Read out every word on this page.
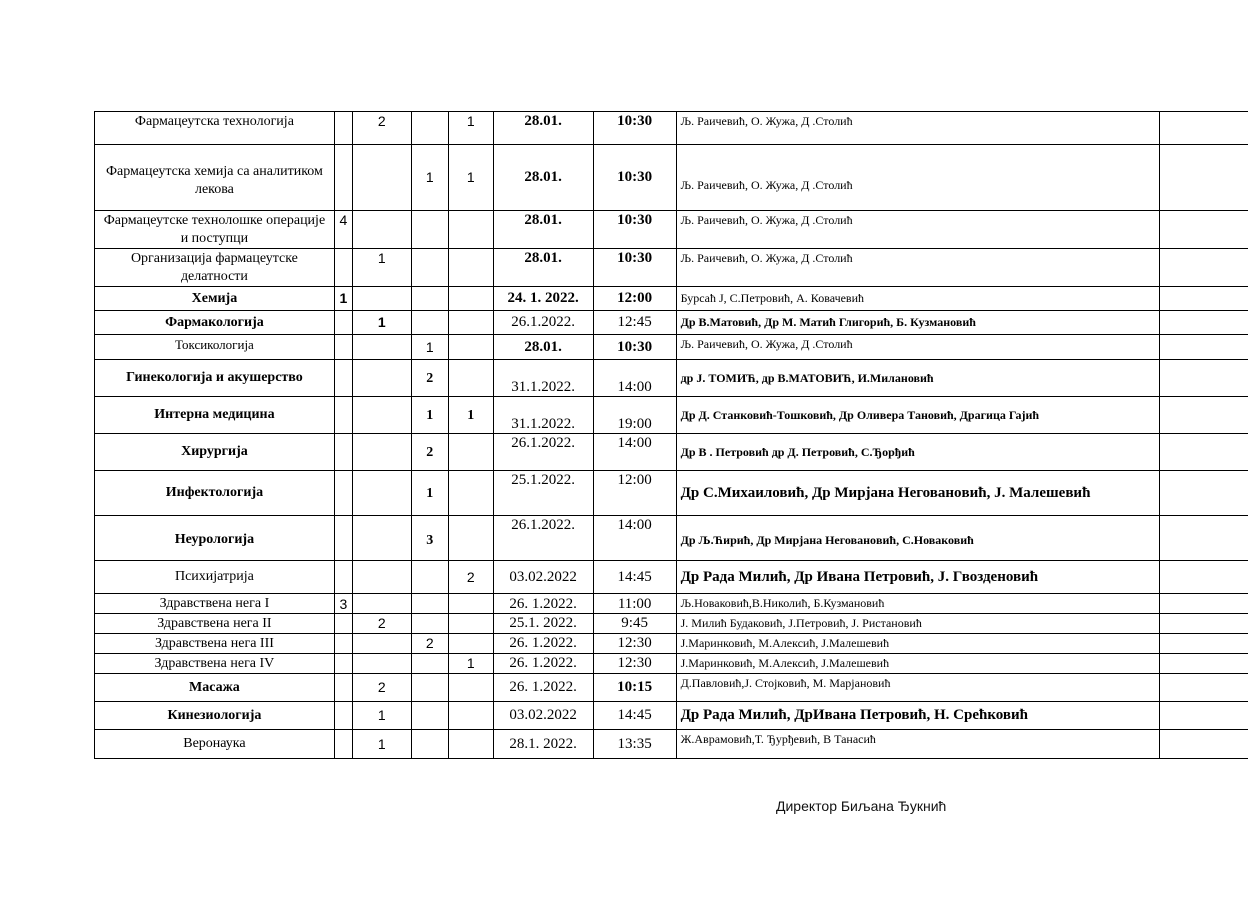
Фармацеутска технологија		2		1	28.01.	10:30	Љ. Раичевић, О. Жужа, Д .Столић	
Фармацеутска хемија са аналитиком лекова			1	1	28.01.	10:30	Љ. Раичевић, О. Жужа, Д .Столић	
Фармацеутске технолошке операције и поступци	4				28.01.	10:30	Љ. Раичевић, О. Жужа, Д .Столић	
Организација фармацеутске делатности		1			28.01.	10:30	Љ. Раичевић, О. Жужа, Д .Столић	
Хемија	1				24. 1. 2022.	12:00	Бурсаћ Ј, С.Петровић, А. Ковачевић	
Фармакологија		1			26.1.2022.	12:45	Др В.Матовић, Др М. Матић Глигорић, Б. Кузмановић	
Токсикологија			1		28.01.	10:30	Љ. Раичевић, О. Жужа, Д .Столић	
Гинекологија и акушерство			2		31.1.2022.	14:00	др Ј. ТОМИЋ, др В.МАТОВИЋ, И.Милановић	
Интерна медицина			1	1	31.1.2022.	19:00	Др Д. Станковић-Тошковић, Др Оливера Тановић, Драгица Гајић	
Хирургија			2		26.1.2022.	14:00	Др В . Петровић др Д. Петровић, С.Ђорђић	
Инфектологија			1		25.1.2022.	12:00	Др С.Михаиловић, Др Мирјана Негованoвић, Ј. Малешевић	
Неурологија			3		26.1.2022.	14:00	Др Љ.Ћирић, Др Мирјана Негованoвић, С.Новаковић	
Психијатрија				2	03.02.2022	14:45	Др Рада Милић, Др Ивана Петровић, Ј. Гвозденовић	
Здравствена нега I	3				26. 1.2022.	11:00	Љ.Новаковић,В.Николић, Б.Кузмановић	
Здравствена нега II		2			25.1. 2022.	9:45	Ј. Милић Будаковић, Ј.Петровић, Ј. Ристановић	
Здравствена нега III			2		26. 1.2022.	12:30	Ј.Маринковић, М.Алексић, Ј.Малешевић	
Здравствена нега IV				1	26. 1.2022.	12:30	Ј.Маринковић, М.Алексић, Ј.Малешевић	
Масажа		2			26. 1.2022.	10:15	Д.Павловић,Ј. Стојковић, М. Марјановић	
Кинезиологија		1			03.02.2022	14:45	Др Рада Милић, ДрИвана Петровић, Н. Срећковић	
Веронаука		1			28.1. 2022.	13:35	Ж.Аврамовић,Т. Ђурђевић, В Танасић	
Директор Биљана Ђукнић
